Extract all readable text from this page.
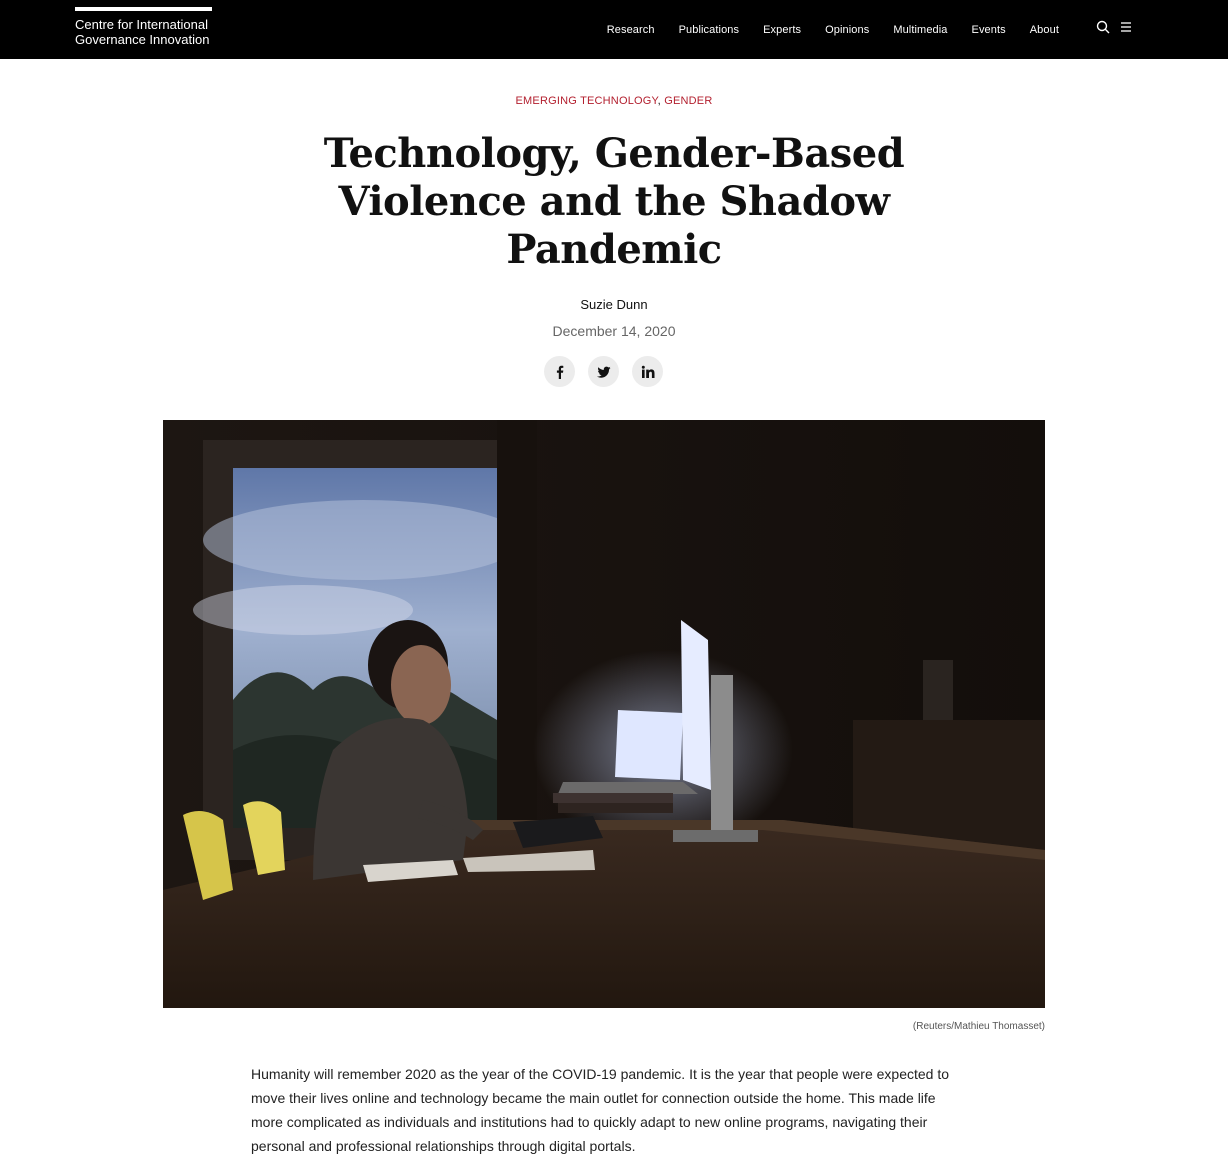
Centre for International
Governance Innovation
Research Publications Experts Opinions Multimedia Events About
EMERGING TECHNOLOGY, GENDER
Technology, Gender-Based Violence and the Shadow Pandemic
Suzie Dunn
December 14, 2020
(Reuters/Mathieu Thomasset)

Humanity will remember 2020 as the year of the COVID-19 pandemic. It is the year that people were expected to move their lives online and technology became the main outlet for connection outside the home. This made life more complicated as individuals and institutions had to quickly adapt to new online programs, navigating their personal and professional relationships through digital portals.
